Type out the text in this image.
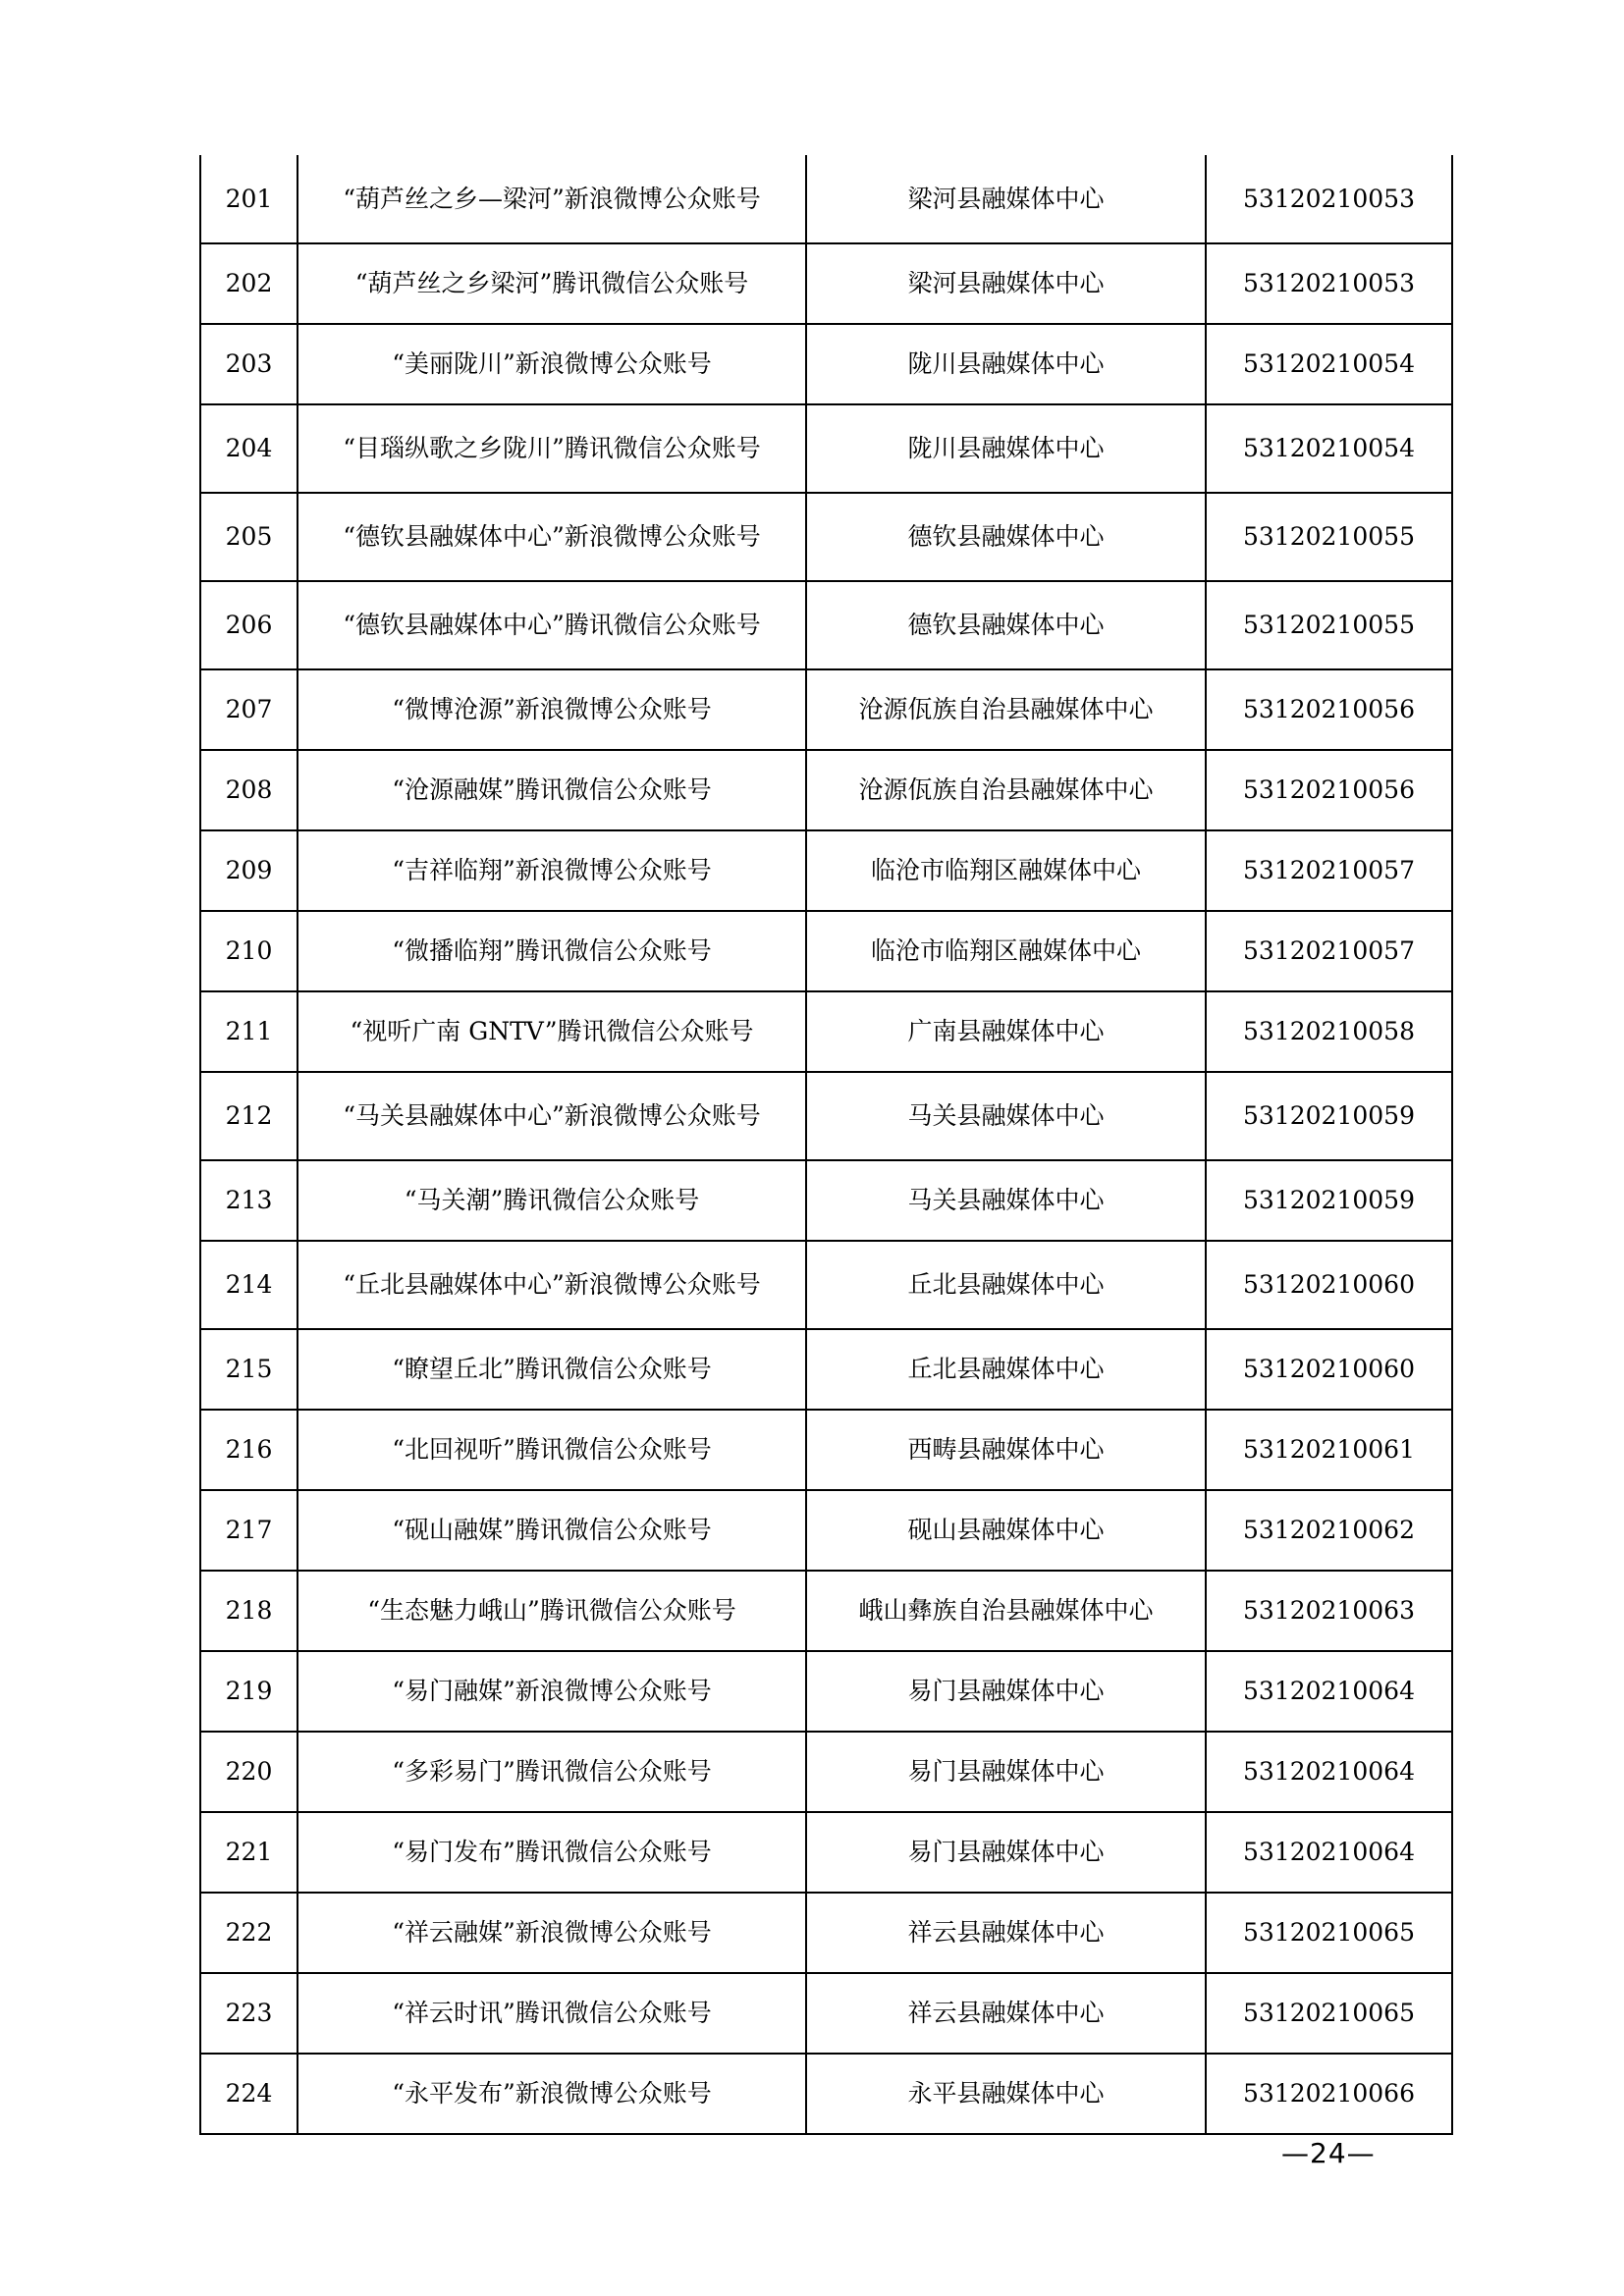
201	“葫芦丝之乡—梁河”新浪微博公众账号	梁河县融媒体中心	53120210053
202	“葫芦丝之乡梁河”腾讯微信公众账号	梁河县融媒体中心	53120210053
203	“美丽陇川”新浪微博公众账号	陇川县融媒体中心	53120210054
204	“目瑙纵歌之乡陇川”腾讯微信公众账号	陇川县融媒体中心	53120210054
205	“德钦县融媒体中心”新浪微博公众账号	德钦县融媒体中心	53120210055
206	“德钦县融媒体中心”腾讯微信公众账号	德钦县融媒体中心	53120210055
207	“微博沧源”新浪微博公众账号	沧源佤族自治县融媒体中心	53120210056
208	“沧源融媒”腾讯微信公众账号	沧源佤族自治县融媒体中心	53120210056
209	“吉祥临翔”新浪微博公众账号	临沧市临翔区融媒体中心	53120210057
210	“微播临翔”腾讯微信公众账号	临沧市临翔区融媒体中心	53120210057
211	“视听广南 GNTV”腾讯微信公众账号	广南县融媒体中心	53120210058
212	“马关县融媒体中心”新浪微博公众账号	马关县融媒体中心	53120210059
213	“马关潮”腾讯微信公众账号	马关县融媒体中心	53120210059
214	“丘北县融媒体中心”新浪微博公众账号	丘北县融媒体中心	53120210060
215	“瞭望丘北”腾讯微信公众账号	丘北县融媒体中心	53120210060
216	“北回视听”腾讯微信公众账号	西畴县融媒体中心	53120210061
217	“砚山融媒”腾讯微信公众账号	砚山县融媒体中心	53120210062
218	“生态魅力峨山”腾讯微信公众账号	峨山彝族自治县融媒体中心	53120210063
219	“易门融媒”新浪微博公众账号	易门县融媒体中心	53120210064
220	“多彩易门”腾讯微信公众账号	易门县融媒体中心	53120210064
221	“易门发布”腾讯微信公众账号	易门县融媒体中心	53120210064
222	“祥云融媒”新浪微博公众账号	祥云县融媒体中心	53120210065
223	“祥云时讯”腾讯微信公众账号	祥云县融媒体中心	53120210065
224	“永平发布”新浪微博公众账号	永平县融媒体中心	53120210066
—24—
